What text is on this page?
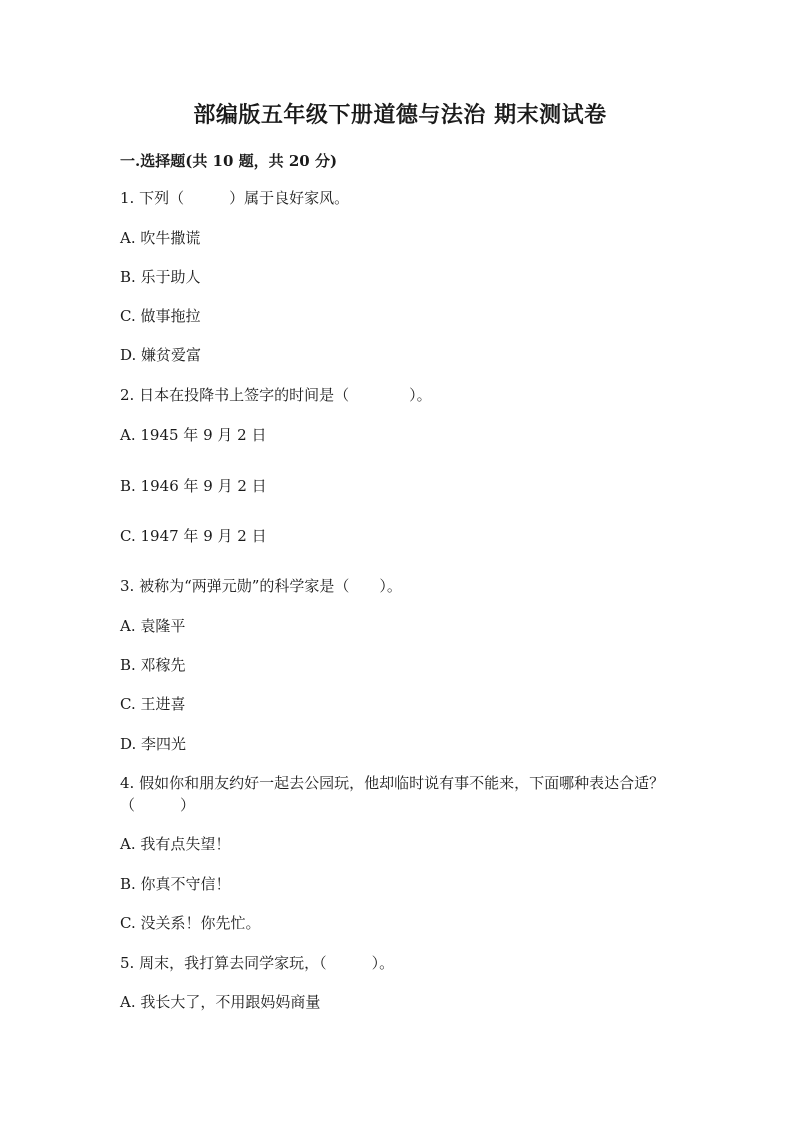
部编版五年级下册道德与法治 期末测试卷
一.选择题(共 10 题，共 20 分)
1. 下列（　　　）属于良好家风。
A. 吹牛撒谎
B. 乐于助人
C. 做事拖拉
D. 嫌贫爱富
2. 日本在投降书上签字的时间是（　　　　）。
A. 1945 年 9 月 2 日
B. 1946 年 9 月 2 日
C. 1947 年 9 月 2 日
3. 被称为“两弹元勋”的科学家是（　　）。
A. 袁隆平
B. 邓稼先
C. 王进喜
D. 李四光
4. 假如你和朋友约好一起去公园玩，他却临时说有事不能来，下面哪种表达合适？（　　　）
A. 我有点失望！
B. 你真不守信！
C. 没关系！你先忙。
5. 周末，我打算去同学家玩，（　　　）。
A. 我长大了，不用跟妈妈商量
